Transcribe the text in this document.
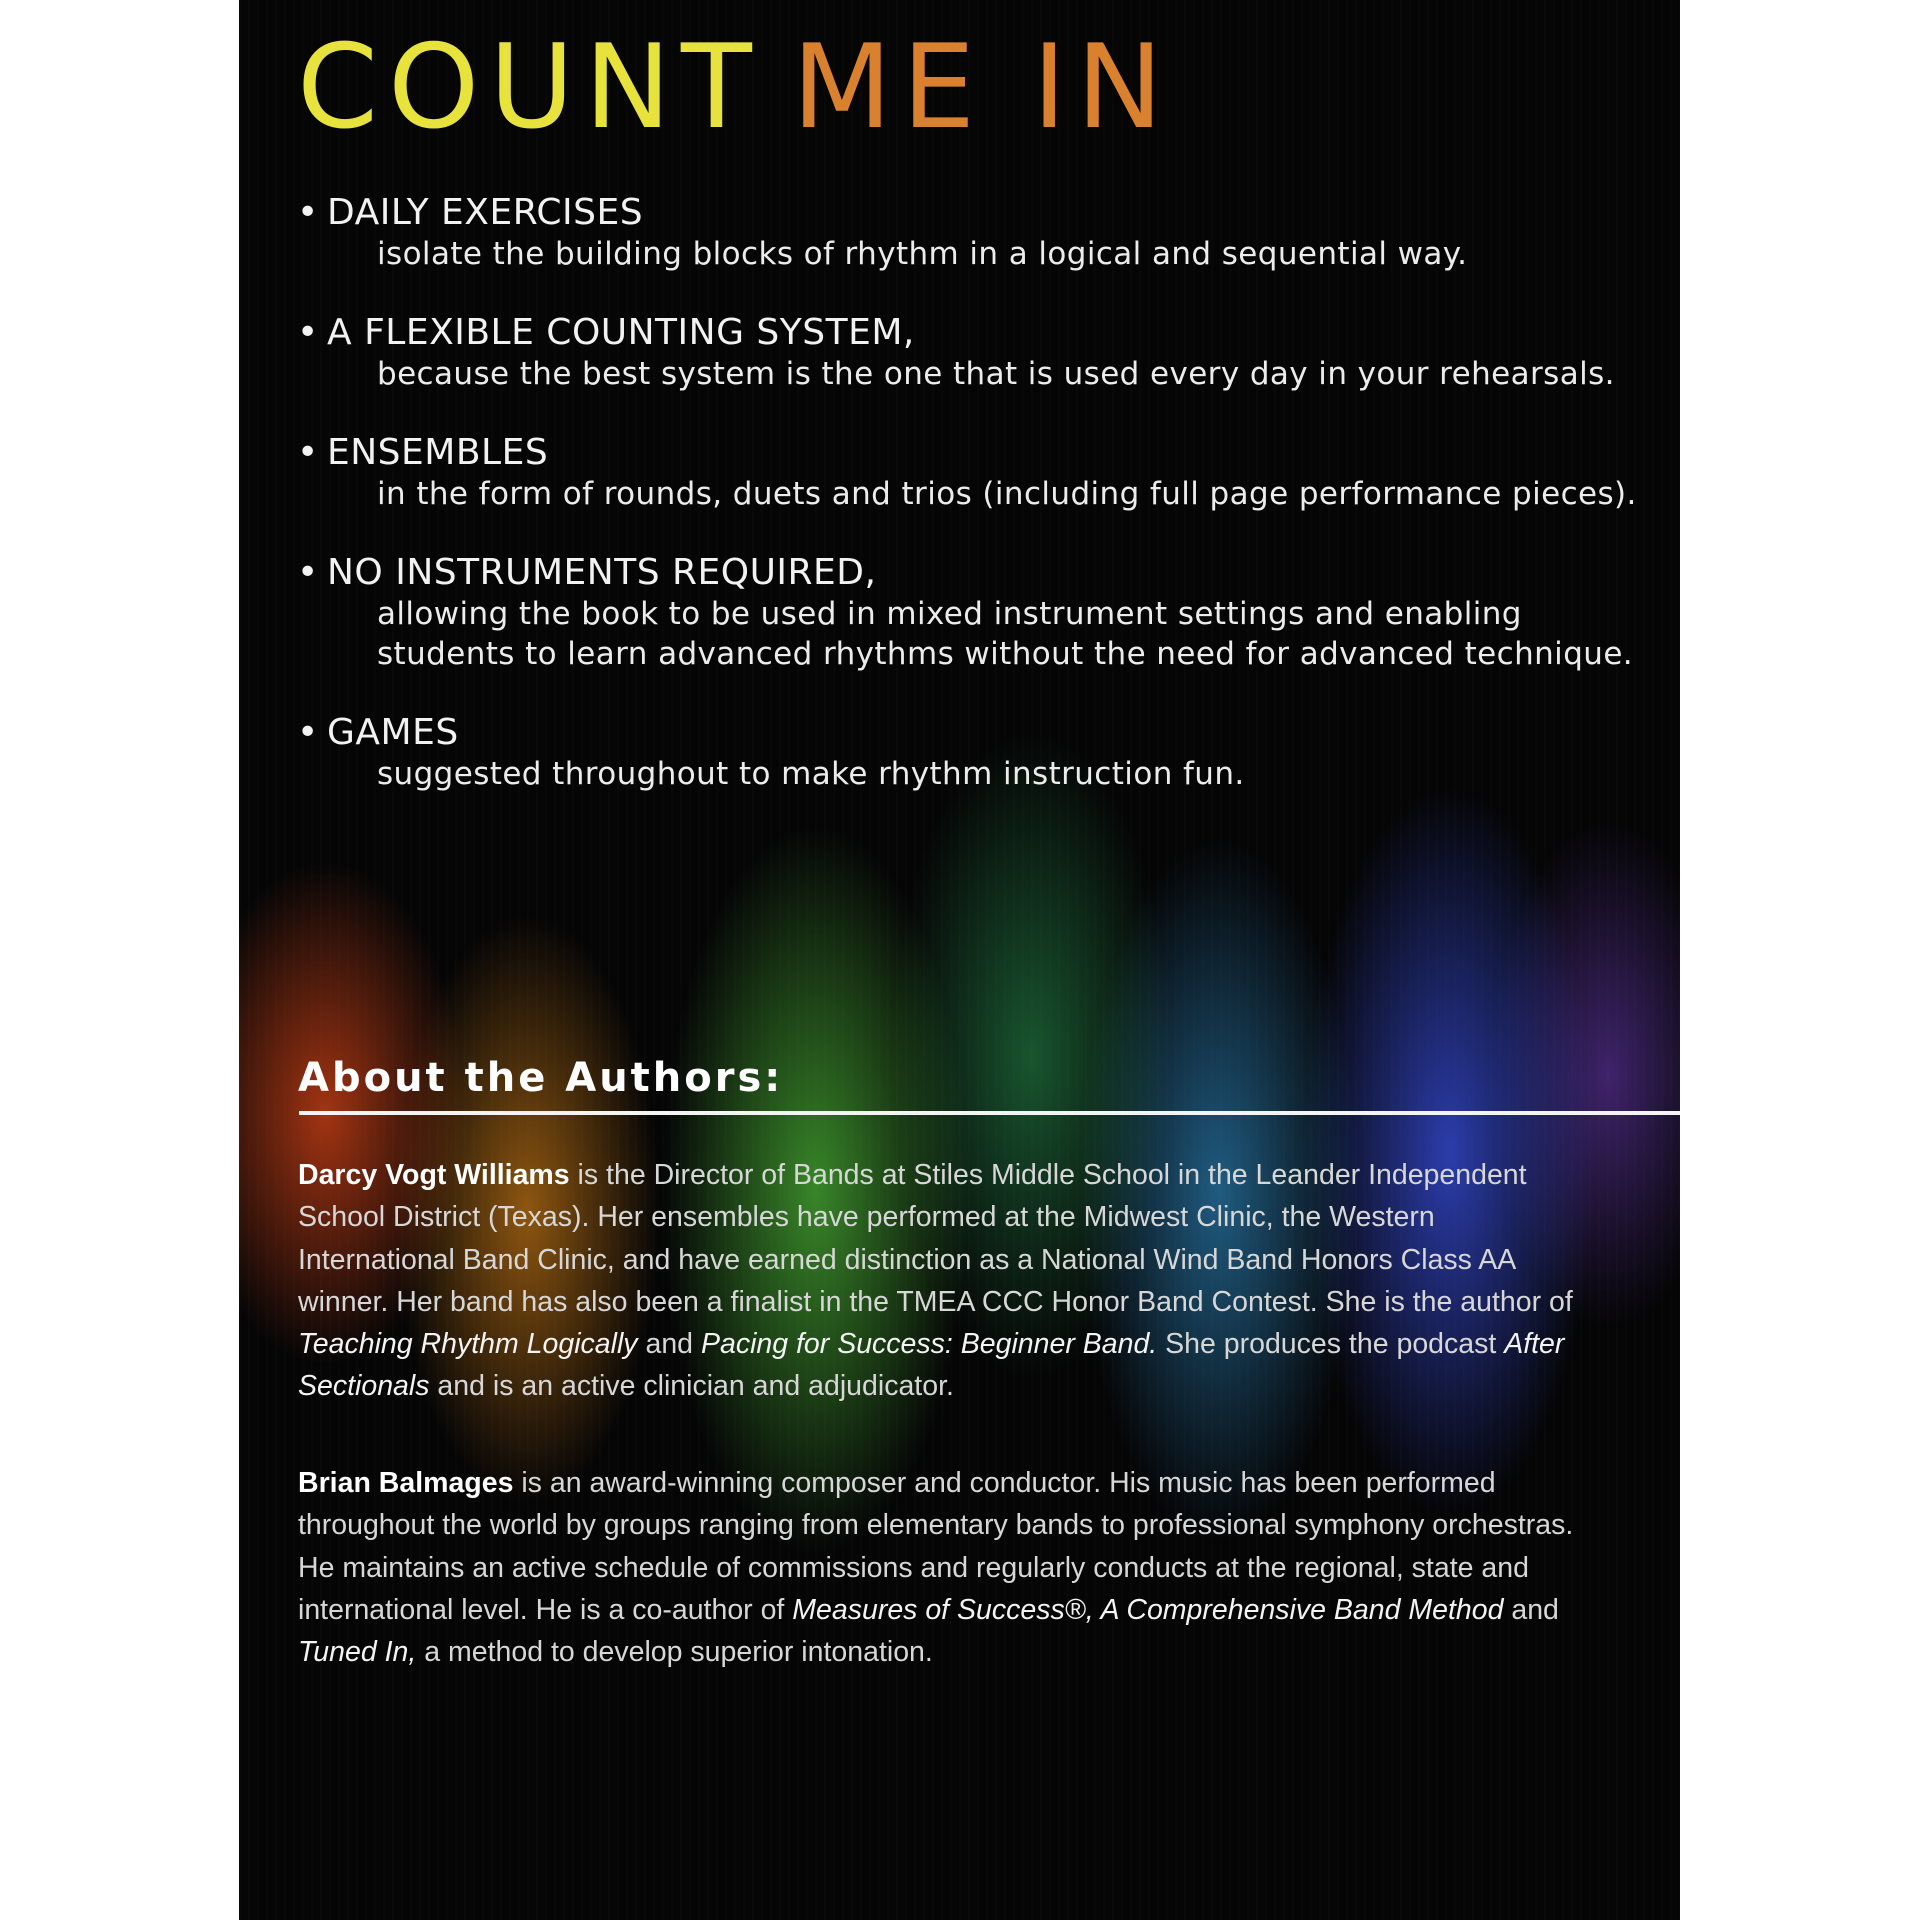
COUNT ME IN
• DAILY EXERCISES
isolate the building blocks of rhythm in a logical and sequential way.
• A FLEXIBLE COUNTING SYSTEM,
because the best system is the one that is used every day in your rehearsals.
• ENSEMBLES
in the form of rounds, duets and trios (including full page performance pieces).
• NO INSTRUMENTS REQUIRED,
allowing the book to be used in mixed instrument settings and enabling students to learn advanced rhythms without the need for advanced technique.
• GAMES
suggested throughout to make rhythm instruction fun.
About the Authors:

Darcy Vogt Williams is the Director of Bands at Stiles Middle School in the Leander Independent School District (Texas). Her ensembles have performed at the Midwest Clinic, the Western International Band Clinic, and have earned distinction as a National Wind Band Honors Class AA winner. Her band has also been a finalist in the TMEA CCC Honor Band Contest. She is the author of Teaching Rhythm Logically and Pacing for Success: Beginner Band. She produces the podcast After Sectionals and is an active clinician and adjudicator.

Brian Balmages is an award-winning composer and conductor. His music has been performed throughout the world by groups ranging from elementary bands to professional symphony orchestras. He maintains an active schedule of commissions and regularly conducts at the regional, state and international level. He is a co-author of Measures of Success®, A Comprehensive Band Method and Tuned In, a method to develop superior intonation.
